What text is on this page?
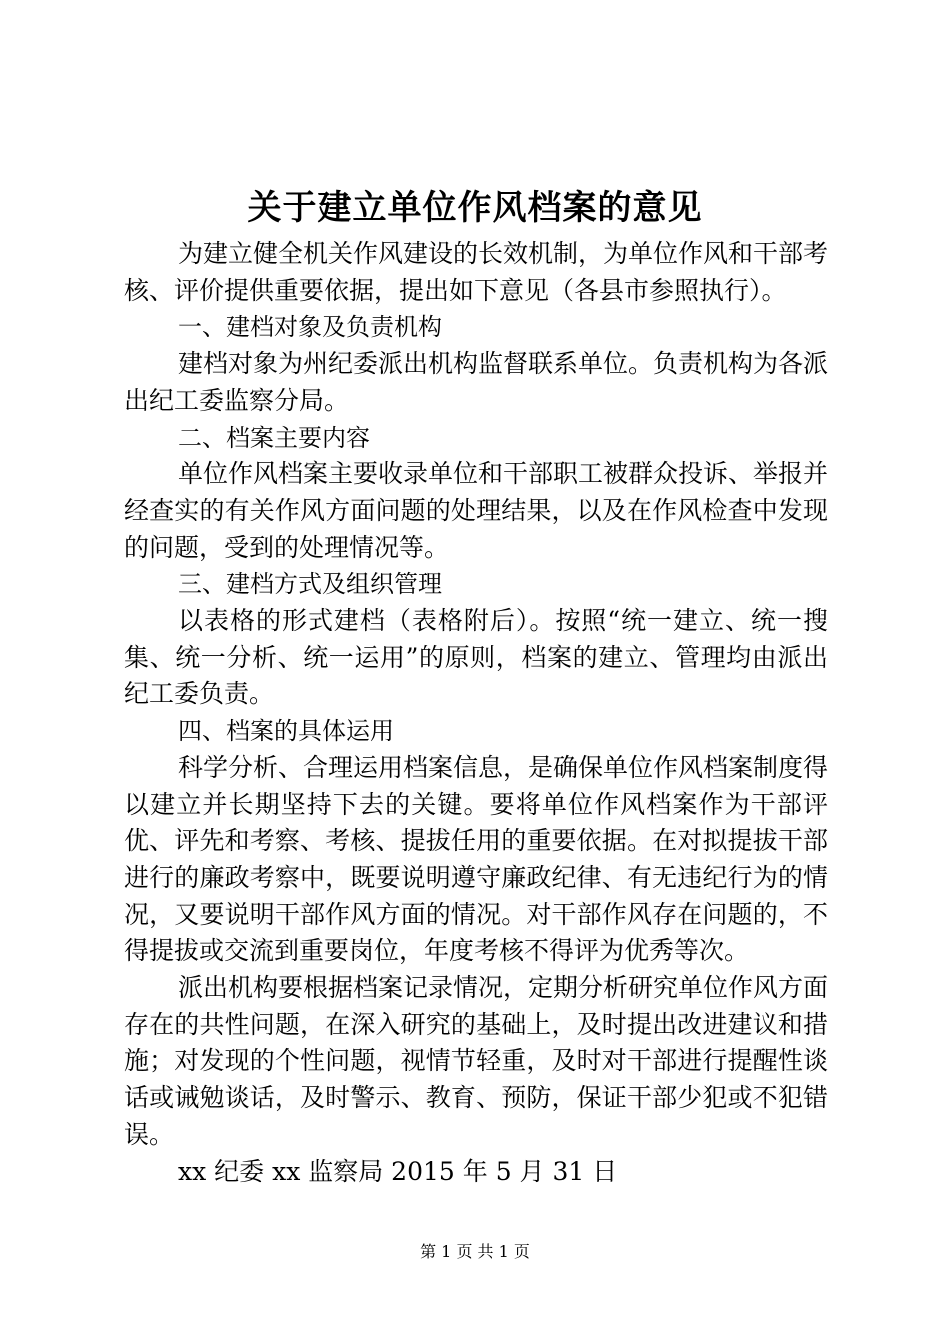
关于建立单位作风档案的意见

为建立健全机关作风建设的长效机制，为单位作风和干部考核、评价提供重要依据，提出如下意见（各县市参照执行）。

一、建档对象及负责机构

建档对象为州纪委派出机构监督联系单位。负责机构为各派出纪工委监察分局。

二、档案主要内容

单位作风档案主要收录单位和干部职工被群众投诉、举报并经查实的有关作风方面问题的处理结果，以及在作风检查中发现的问题，受到的处理情况等。

三、建档方式及组织管理

以表格的形式建档（表格附后）。按照“统一建立、统一搜集、统一分析、统一运用”的原则，档案的建立、管理均由派出纪工委负责。

四、档案的具体运用

科学分析、合理运用档案信息，是确保单位作风档案制度得以建立并长期坚持下去的关键。要将单位作风档案作为干部评优、评先和考察、考核、提拔任用的重要依据。在对拟提拔干部进行的廉政考察中，既要说明遵守廉政纪律、有无违纪行为的情况，又要说明干部作风方面的情况。对干部作风存在问题的，不得提拔或交流到重要岗位，年度考核不得评为优秀等次。

派出机构要根据档案记录情况，定期分析研究单位作风方面存在的共性问题，在深入研究的基础上，及时提出改进建议和措施；对发现的个性问题，视情节轻重，及时对干部进行提醒性谈话或诫勉谈话，及时警示、教育、预防，保证干部少犯或不犯错误。

xx 纪委 xx 监察局 2015 年 5 月 31 日

第 1 页 共 1 页
